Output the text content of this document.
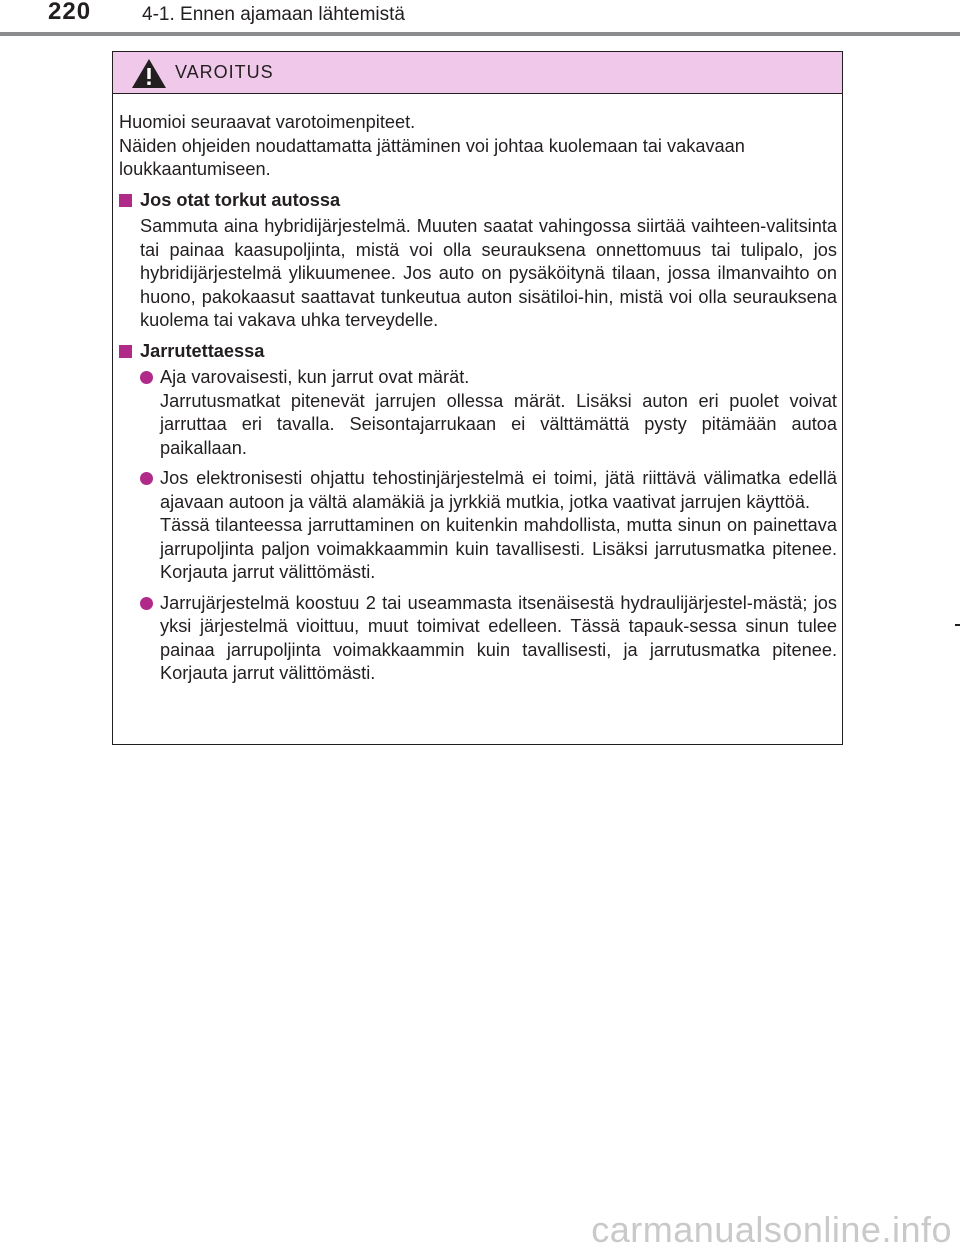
220	4-1. Ennen ajamaan lähtemistä
VAROITUS

Huomioi seuraavat varotoimenpiteet.
Näiden ohjeiden noudattamatta jättäminen voi johtaa kuolemaan tai vakavaan loukkaantumiseen.

Jos otat torkut autossa

Sammuta aina hybridijärjestelmä. Muuten saatat vahingossa siirtää vaihteen-valitsinta tai painaa kaasupoljinta, mistä voi olla seurauksena onnettomuus tai tulipalo, jos hybridijärjestelmä ylikuumenee. Jos auto on pysäköitynä tilaan, jossa ilmanvaihto on huono, pakokaasut saattavat tunkeutua auton sisätiloi-hin, mistä voi olla seurauksena kuolema tai vakava uhka terveydelle.

Jarrutettaessa

Aja varovaisesti, kun jarrut ovat märät.

Jarrutusmatkat pitenevät jarrujen ollessa märät. Lisäksi auton eri puolet voivat jarruttaa eri tavalla. Seisontajarrukaan ei välttämättä pysty pitämään autoa paikallaan.

Jos elektronisesti ohjattu tehostinjärjestelmä ei toimi, jätä riittävä välimatka edellä ajavaan autoon ja vältä alamäkiä ja jyrkkiä mutkia, jotka vaativat jarrujen käyttöä.

Tässä tilanteessa jarruttaminen on kuitenkin mahdollista, mutta sinun on painettava jarrupoljinta paljon voimakkaammin kuin tavallisesti. Lisäksi jarrutusmatka pitenee. Korjauta jarrut välittömästi.

Jarrujärjestelmä koostuu 2 tai useammasta itsenäisestä hydraulijärjestel-mästä; jos yksi järjestelmä vioittuu, muut toimivat edelleen. Tässä tapauk-sessa sinun tulee painaa jarrupoljinta voimakkaammin kuin tavallisesti, ja jarrutusmatka pitenee. Korjauta jarrut välittömästi.

carmanualsonline.info
